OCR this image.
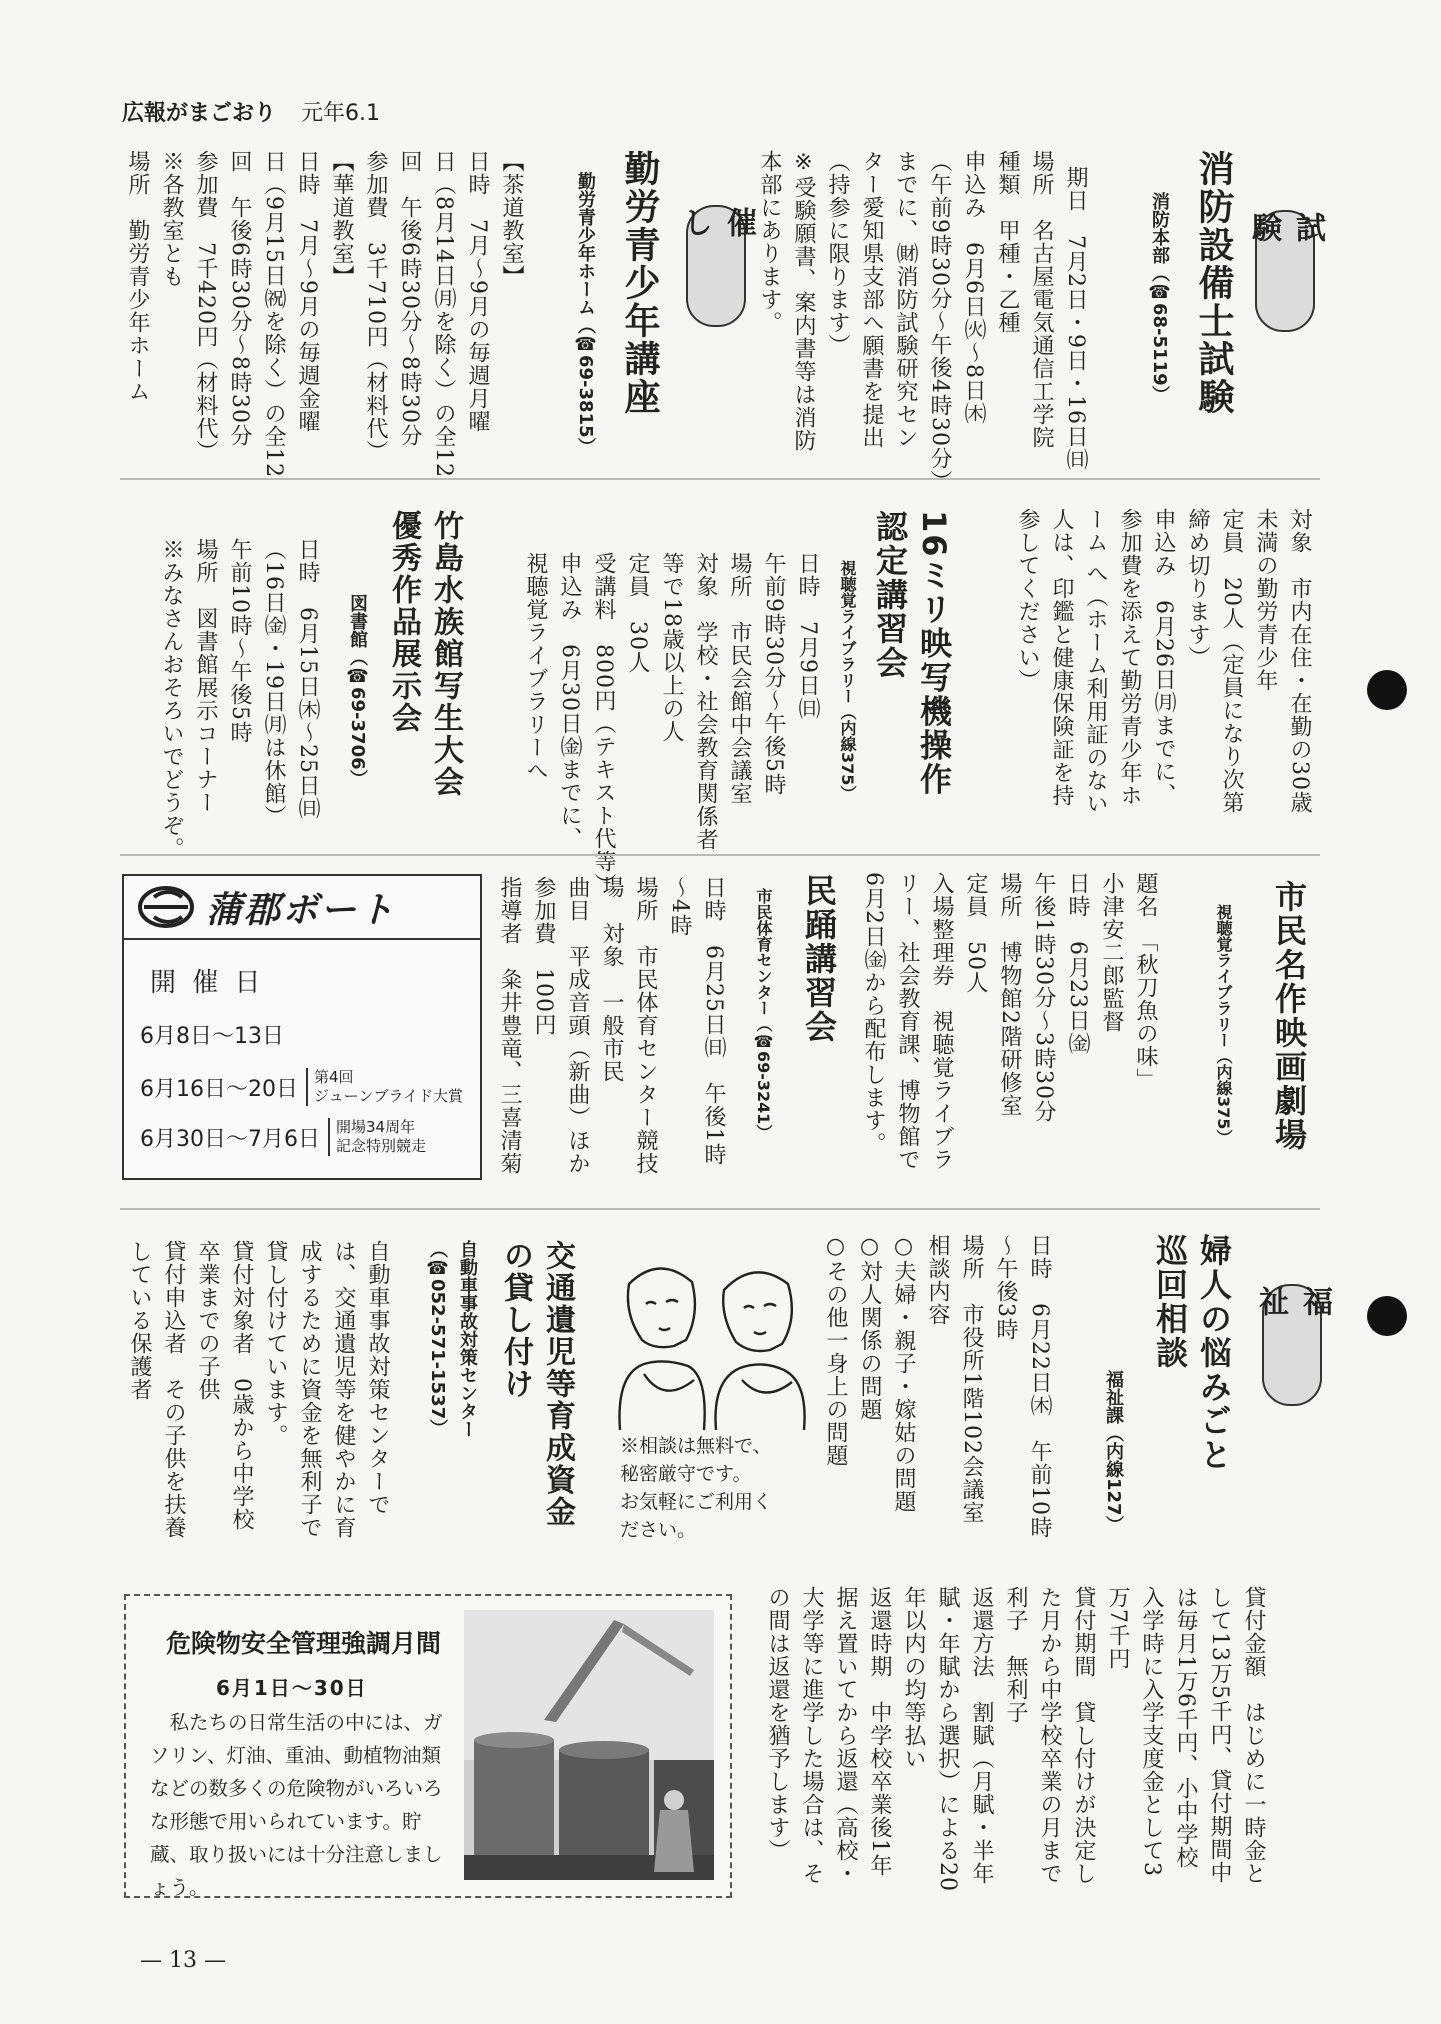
広報がまごおり 元年6.1
試　験
消防設備士試験
消防本部（☎68-5119）

期日　7月2日・9日・16日㈰
場所　名古屋電気通信工学院
種類　甲種・乙種
申込み　6月6日㈫〜8日㈭
（午前9時30分〜午後4時30分）
までに、㈶消防試験研究セン
ター愛知県支部へ願書を提出
（持参に限ります）
※受験願書、案内書等は消防
本部にあります。
催　し
勤労青少年講座
勤労青少年ホーム（☎69-3815）

【茶道教室】
日時　7月〜9月の毎週月曜
日（8月14日㈪を除く）の全12
回　午後6時30分〜8時30分
参加費　3千710円（材料代）
【華道教室】
日時　7月〜9月の毎週金曜
日（9月15日㈷を除く）の全12
回　午後6時30分〜8時30分
参加費　7千420円（材料代）
※各教室とも
場所　勤労青少年ホーム

対象　市内在住・在勤の30歳
未満の勤労青少年
定員　20人（定員になり次第
締め切ります）
申込み　6月26日㈪までに、
参加費を添えて勤労青少年ホ
ーム へ（ホーム利用証のない
人は、印鑑と健康保険証を持
参してください）
16ミリ映写機操作
認定講習会
視聴覚ライブラリー（内線375）

日時　7月9日㈰
午前9時30分〜午後5時
場所　市民会館中会議室
対象　学校・社会教育関係者
等で18歳以上の人
定員　30人
受講料　800円（テキスト代等）
申込み　6月30日㈮までに、
視聴覚ライブラリーへ
竹島水族館写生大会
優秀作品展示会
図書館（☎69-3706）

日時　6月15日㈭〜25日㈰
（16日㈮・19日㈪は休館）
午前10時〜午後5時
場所　図書館展示コーナー
※みなさんおそろいでどうぞ。
市民名作映画劇場
視聴覚ライブラリー（内線375）

題名　「秋刀魚の味」
小津安二郎監督
日時　6月23日㈮
午後1時30分〜3時30分
場所　博物館2階研修室
定員　50人
入場整理券　視聴覚ライブラ
リー、社会教育課、博物館で
6月2日㈮から配布します。
民踊講習会
市民体育センター（☎69-3241）

日時　6月25日㈰　午後1時
〜4時
場所　市民体育センター競技
場　対象　一般市民
曲目　平成音頭（新曲）ほか
参加費　100円
指導者　粂井豊竜、三喜清菊
蒲郡ボート
開 催 日
6月8日〜13日
6月16日〜20日	第4回
ジューンブライド大賞
6月30日〜7月6日	開場34周年
記念特別競走
福　祉
婦人の悩みごと
巡回相談
福祉課（内線127）

日時　6月22日㈭　午前10時
〜午後3時
場所　市役所1階102会議室
相談内容
○夫婦・親子・嫁姑の問題
○対人関係の問題
○その他一身上の問題
※相談は無料で、
秘密厳守です。
お気軽にご利用く
ださい。
交通遺児等育成資金
の貸し付け
自動車事故対策センター
（☎052-571-1537）

自動車事故対策センターで
は、交通遺児等を健やかに育
成するために資金を無利子で
貸し付けています。
貸付対象者　0歳から中学校
卒業までの子供
貸付申込者　その子供を扶養
している保護者

貸付金額　はじめに一時金と
して13万5千円、貸付期間中
は毎月1万6千円、小中学校
入学時に入学支度金として3
万7千円
貸付期間　貸し付けが決定し
た月から中学校卒業の月まで
利子　無利子
返還方法　割賦（月賦・半年
賦・年賦から選択）による20
年以内の均等払い
返還時期　中学校卒業後1年
据え置いてから返還（高校・
大学等に進学した場合は、そ
の間は返還を猶予します）
危険物安全管理強調月間
6月1日〜30日
私たちの日常生活の中には、ガソリン、灯油、重油、動植物油類などの数多くの危険物がいろいろな形態で用いられています。貯蔵、取り扱いには十分注意しましょう。
— 13 —
